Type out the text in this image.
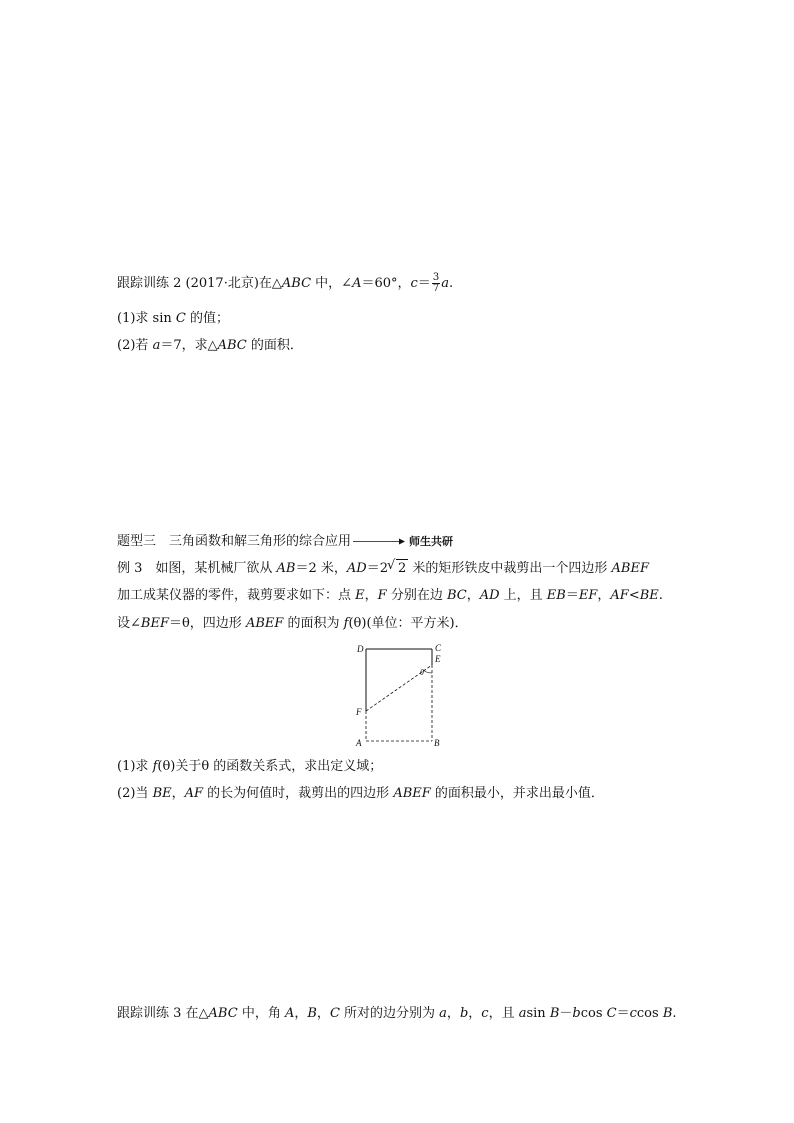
跟踪训练 2 (2017·北京)在△ABC 中，∠A＝60°，$c= \frac{3}{7} a$.
(1)求 sin C 的值；
(2)若 a＝7，求△ABC 的面积．
题型三　三角函数和解三角形的综合应用	师生共研
例 3　如图，某机械厂欲从 AB＝2 米，AD＝2√ 2 米的矩形铁皮中裁剪出一个四边形 ABEF
加工成某仪器的零件，裁剪要求如下：点 E，F 分别在边 BC，AD 上，且 EB＝EF，AF<BE.
设∠BEF＝θ，四边形 ABEF 的面积为 f(θ)(单位：平方米)．
D	C
E
θ
F
A	B
(1)求 f(θ)关于θ 的函数关系式，求出定义域；
(2)当 BE，AF 的长为何值时，裁剪出的四边形 ABEF 的面积最小，并求出最小值．
跟踪训练 3 在△ABC 中，角 A，B，C 所对的边分别为 a，b，c，且 asin B－bcos C＝ccos B.
